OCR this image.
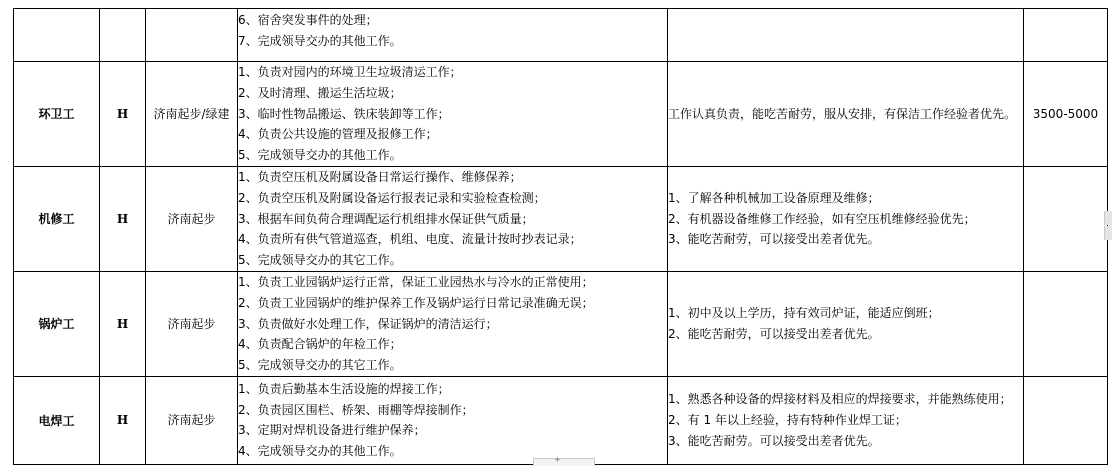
			6、宿舍突发事件的处理；
7、完成领导交办的其他工作。		

环卫工	H	济南起步/绿建	1、负责对园内的环境卫生垃圾清运工作；
2、及时清理、搬运生活垃圾；
3、临时性物品搬运、铁床装卸等工作；
4、负责公共设施的管理及报修工作；
5、完成领导交办的其他工作。	工作认真负责，能吃苦耐劳，服从安排，有保洁工作经验者优先。	3500-5000
机修工	H	济南起步	1、负责空压机及附属设备日常运行操作、维修保养；
2、负责空压机及附属设备运行报表记录和实验检查检测；
3、根据车间负荷合理调配运行机组排水保证供气质量；
4、负责所有供气管道巡查，机组、电度、流量计按时抄表记录；
5、完成领导交办的其它工作。	1、了解各种机械加工设备原理及维修；
2、有机器设备维修工作经验，如有空压机维修经验优先；
3、能吃苦耐劳，可以接受出差者优先。	

锅炉工	H	济南起步	1、负责工业园锅炉运行正常，保证工业园热水与冷水的正常使用；
2、负责工业园锅炉的维护保养工作及锅炉运行日常记录准确无误；
3、负责做好水处理工作，保证锅炉的清洁运行；
4、负责配合锅炉的年检工作；
5、完成领导交办的其它工作。	1、初中及以上学历，持有效司炉证，能适应倒班；
2、能吃苦耐劳，可以接受出差者优先。	

电焊工	H	济南起步	1、负责后勤基本生活设施的焊接工作；
2、负责园区围栏、桥架、雨棚等焊接制作；
3、定期对焊机设备进行维护保养；
4、完成领导交办的其他工作。	1、熟悉各种设备的焊接材料及相应的焊接要求，并能熟练使用；
2、有 1 年以上经验，持有特种作业焊工证；
3、能吃苦耐劳。可以接受出差者优先。	

+
